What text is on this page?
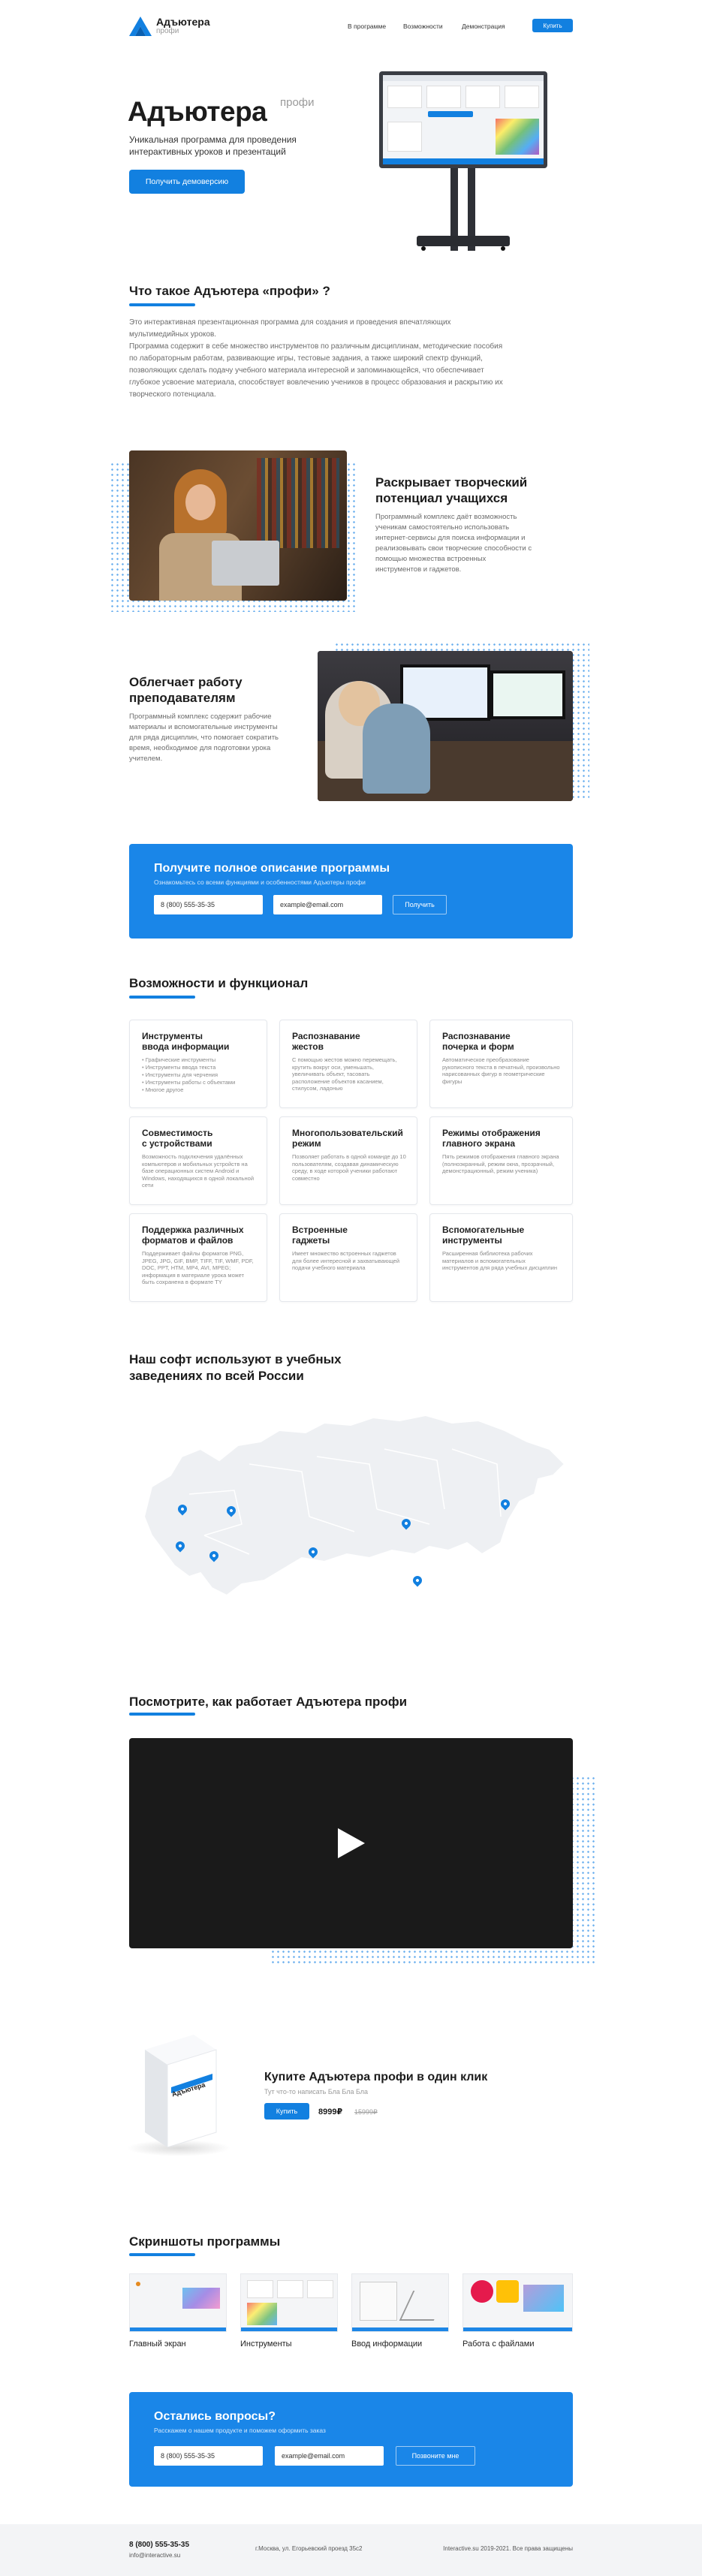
Адъютера
профи
В программе	Возможности	Демонстрация	Купить
Адъютера профи
Уникальная программа для проведения интерактивных уроков и презентаций
Получить демоверсию
Что такое Адъютера «профи» ?
Это интерактивная презентационная программа для создания и проведения впечатляющих мультимедийных уроков.
Программа содержит в себе множество инструментов по различным дисциплинам, методические пособия по лабораторным работам, развивающие игры, тестовые задания, а также широкий спектр функций, позволяющих сделать подачу учебного материала интересной и запоминающейся, что обеспечивает глубокое усвоение материала, способствует вовлечению учеников в процесс образования и раскрытию их творческого потенциала.
Раскрывает творческий потенциал учащихся
Программный комплекс даёт возможность ученикам самостоятельно использовать интернет-сервисы для поиска информации и реализовывать свои творческие способности с помощью множества встроенных инструментов и гаджетов.
Облегчает работу преподавателям
Программный комплекс содержит рабочие материалы и вспомогательные инструменты для ряда дисциплин, что помогает сократить время, необходимое для подготовки урока учителем.
Получите полное описание программы
Ознакомьтесь со всеми функциями и особенностями Адъютеры профи
8 (800) 555-35-35	example@email.com	Получить
Возможности и функционал
Инструменты
ввода информации
• Графические инструменты
• Инструменты ввода текста
• Инструменты для черчения
• Инструменты работы с объектами
• Многое другое
Распознавание
жестов
С помощью жестов можно перемещать, крутить вокруг оси, уменьшать, увеличивать объект, тасовать расположение объектов касанием, стилусом, ладонью
Распознавание
почерка и форм
Автоматическое преобразование рукописного текста в печатный, произвольно нарисованных фигур в геометрические фигуры
Совместимость
с устройствами
Возможность подключения удалённых компьютеров и мобильных устройств на базе операционных систем Android и Windows, находящихся в одной локальной сети
Многопользовательский
режим
Позволяет работать в одной команде до 10 пользователям, создавая динамическую среду, в ходе которой ученики работают совместно
Режимы отображения
главного экрана
Пять режимов отображения главного экрана (полноэкранный, режим окна, прозрачный, демонстрационный, режим ученика)
Поддержка различных
форматов и файлов
Поддерживает файлы форматов PNG, JPEG, JPG, GIF, BMP, TIFF, TIF, WMF, PDF, DOC, PPT, HTM, MP4, AVI, MPEG; информация в материале урока может быть сохранена в формате TY
Встроенные
гаджеты
Имеет множество встроенных гаджетов для более интересной и захватывающей подачи учебного материала
Вспомогательные
инструменты
Расширенная библиотека рабочих материалов и вспомогательных инструментов для ряда учебных дисциплин
Наш софт используют в учебных заведениях по всей России
Посмотрите, как работает Адъютера профи
Адъютера
Купите Адъютера профи в один клик
Тут что-то написать Бла Бла Бла
Купить	8999₽ 15999₽
Скриншоты программы
Главный экран	Инструменты	Ввод информации	Работа с файлами
Остались вопросы?
Расскажем о нашем продукте и поможем оформить заказ
8 (800) 555-35-35	example@email.com	Позвоните мне
8 (800) 555-35-35
info@interactive.su
г.Москва, ул. Егорьевский проезд 35с2	Interactive.su 2019-2021. Все права защищены
